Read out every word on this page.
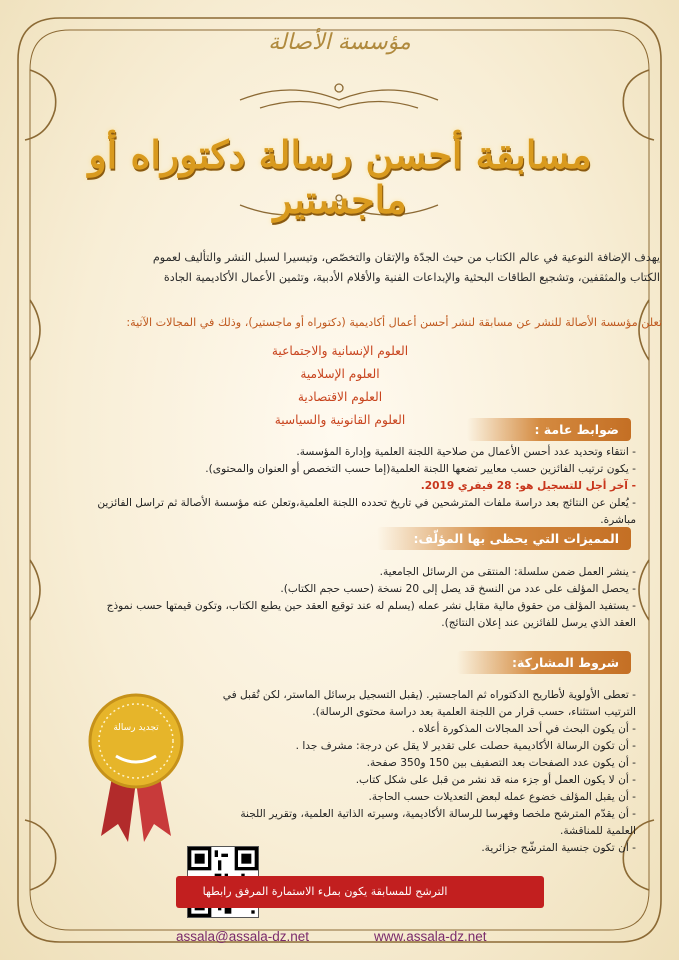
مؤسسة الأصالة
مسابقة أحسن رسالة دكتوراه أو ماجستير
يهدف الإضافة النوعية في عالم الكتاب من حيث الجدّة والإتقان والتخصّص، وتيسيرا لسبل النشر والتأليف لعموم الكتاب والمثقفين، وتشجيع الطاقات البحثية والإبداعات الفنية والأقلام الأدبية، وتثمين الأعمال الأكاديمية الجادة
تعلن مؤسسة الأصالة للنشر عن مسابقة لنشر أحسن أعمال أكاديمية (دكتوراه أو ماجستير)، وذلك في المجالات الآتية:
العلوم الإنسانية والاجتماعية
العلوم الإسلامية
العلوم الاقتصادية
العلوم القانونية والسياسية
ضوابط عامة :
- انتقاء وتحديد عدد أحسن الأعمال من صلاحية اللجنة العلمية وإدارة المؤسسة.
- يكون ترتيب الفائزين حسب معايير تضعها اللجنة العلمية(إما حسب التخصص أو العنوان والمحتوى).
- آخر أجل للتسجيل هو: 28 فيفري 2019.
- يُعلن عن النتائج بعد دراسة ملفات المترشحين في تاريخ تحدده اللجنة العلمية،وتعلن عنه مؤسسة الأصالة ثم تراسل الفائزين مباشرة.
المميزات التي يحظى بها المؤلّف:
- ينشر العمل ضمن سلسلة: المنتقى من الرسائل الجامعية.
- يحصل المؤلف على عدد من النسخ قد يصل إلى 20 نسخة (حسب حجم الكتاب).
- يستفيد المؤلف من حقوق مالية مقابل نشر عمله (يسلم له عند توقيع العقد حين يطبع الكتاب، وتكون قيمتها حسب نموذج العقد الذي يرسل للفائزين عند إعلان النتائج).
شروط المشاركة:
- تعطى الأولوية لأطاريح الدكتوراه ثم الماجستير. (يقبل التسجيل برسائل الماستر، لكن تُقبل في الترتيب استثناء، حسب قرار من اللجنة العلمية بعد دراسة محتوى الرسالة).
- أن يكون البحث في أحد المجالات المذكورة أعلاه .
- أن تكون الرسالة الأكاديمية حصلت على تقدير لا يقل عن درجة: مشرف جدا .
- أن يكون عدد الصفحات بعد التصفيف بين 150 و350 صفحة.
- أن لا يكون العمل أو جزء منه قد نشر من قبل على شكل كتاب.
- أن يقبل المؤلف خضوع عمله لبعض التعديلات حسب الحاجة.
- أن يقدّم المترشح ملخصا وفهرسا للرسالة الأكاديمية، وسيرته الذاتية العلمية، وتقرير اللجنة العلمية للمناقشة.
- أن تكون جنسية المترشّح جزائرية.
تجديد رسالة
الترشح للمسابقة يكون بملء الاستمارة المرفق رابطها
assala@assala-dz.net	www.assala-dz.net
